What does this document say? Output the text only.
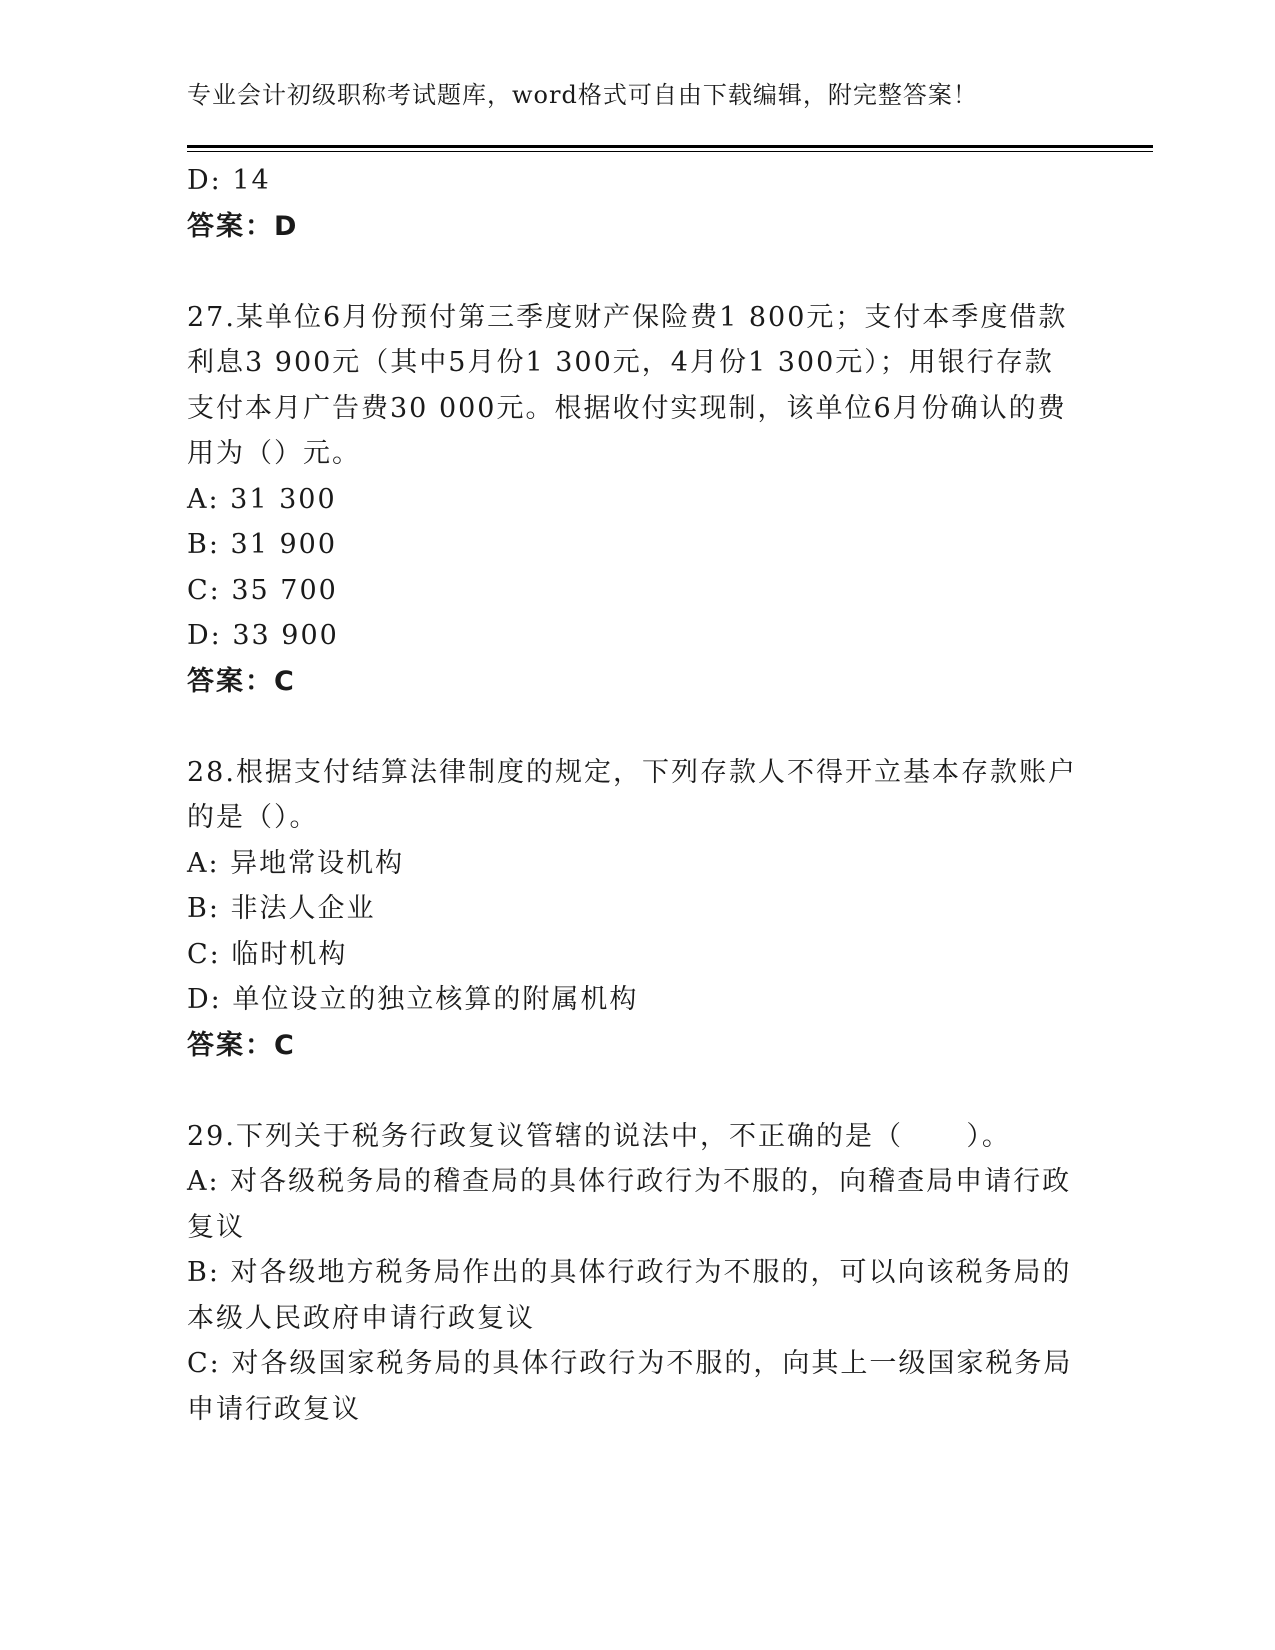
专业会计初级职称考试题库，word格式可自由下载编辑，附完整答案！
D: 14
答案：D
27.某单位6月份预付第三季度财产保险费1 800元；支付本季度借款
利息3 900元（其中5月份1 300元，4月份1 300元）；用银行存款
支付本月广告费30 000元。根据收付实现制，该单位6月份确认的费
用为（）元。
A: 31 300
B: 31 900
C: 35 700
D: 33 900
答案：C
28.根据支付结算法律制度的规定，下列存款人不得开立基本存款账户
的是（）。
A: 异地常设机构
B: 非法人企业
C: 临时机构
D: 单位设立的独立核算的附属机构
答案：C
29.下列关于税务行政复议管辖的说法中，不正确的是（      ）。
A: 对各级税务局的稽查局的具体行政行为不服的，向稽查局申请行政
复议
B: 对各级地方税务局作出的具体行政行为不服的，可以向该税务局的
本级人民政府申请行政复议
C: 对各级国家税务局的具体行政行为不服的，向其上一级国家税务局
申请行政复议
